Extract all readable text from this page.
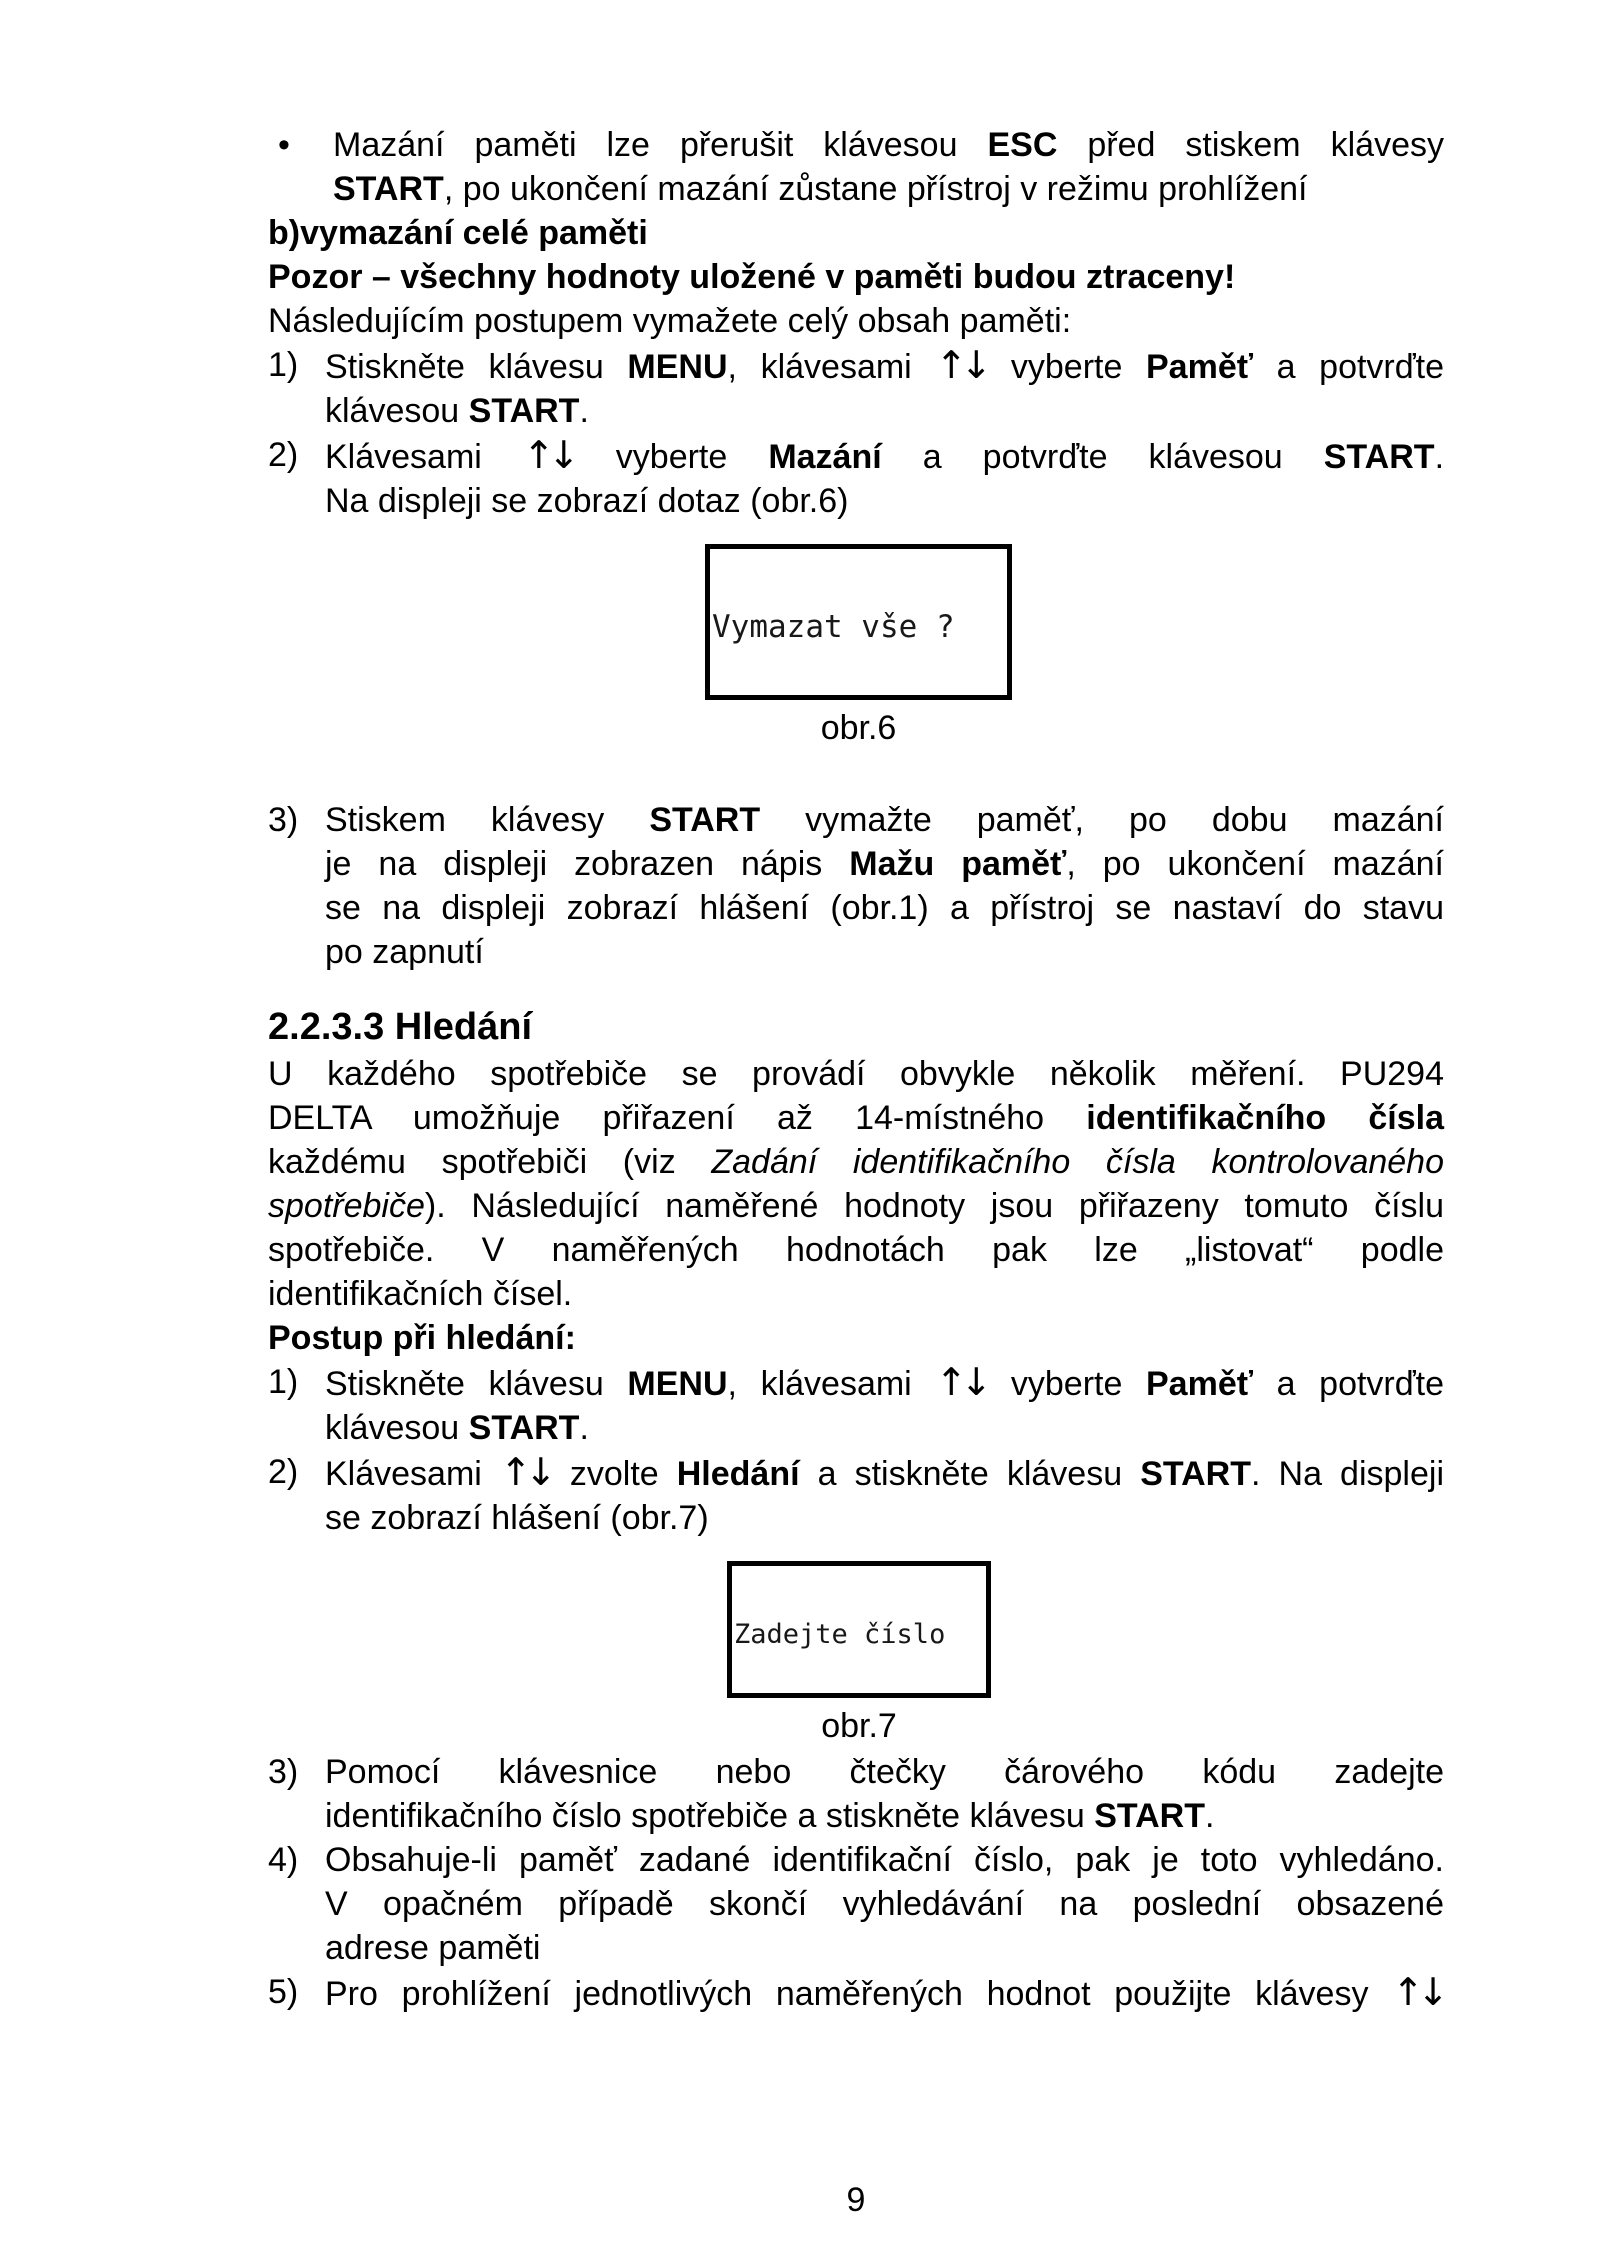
•	Mazání paměti lze přerušit klávesou ESC před stiskem klávesy
START, po ukončení mazání zůstane přístroj v režimu prohlížení
b)vymazání celé paměti
Pozor – všechny hodnoty uložené v paměti budou ztraceny!
Následujícím postupem vymažete celý obsah paměti:
1) Stiskněte klávesu MENU, klávesami ↑↓ vyberte Paměť a potvrďte
klávesou START.
2) Klávesami ↑↓ vyberte Mazání a potvrďte klávesou START.
Na displeji se zobrazí dotaz (obr.6)
Vymazat vše ?
obr.6
3) Stiskem klávesy START vymažte paměť, po dobu mazání
je na displeji zobrazen nápis Mažu paměť, po ukončení mazání
se na displeji zobrazí hlášení (obr.1) a přístroj se nastaví do stavu
po zapnutí
2.2.3.3 Hledání
U každého spotřebiče se provádí obvykle několik měření. PU294
DELTA umožňuje přiřazení až 14-místného identifikačního čísla
každému spotřebiči (viz Zadání identifikačního čísla kontrolovaného
spotřebiče). Následující naměřené hodnoty jsou přiřazeny tomuto číslu
spotřebiče. V naměřených hodnotách pak lze „listovat“ podle
identifikačních čísel.
Postup při hledání:
1) Stiskněte klávesu MENU, klávesami ↑↓ vyberte Paměť a potvrďte
klávesou START.
2) Klávesami ↑↓ zvolte Hledání a stiskněte klávesu START. Na displeji
se zobrazí hlášení (obr.7)
Zadejte číslo
obr.7
3) Pomocí klávesnice nebo čtečky čárového kódu zadejte
identifikačního číslo spotřebiče a stiskněte klávesu START.
4) Obsahuje-li paměť zadané identifikační číslo, pak je toto vyhledáno.
V opačném případě skončí vyhledávání na poslední obsazené
adrese paměti
5) Pro prohlížení jednotlivých naměřených hodnot použijte klávesy ↑↓
9
